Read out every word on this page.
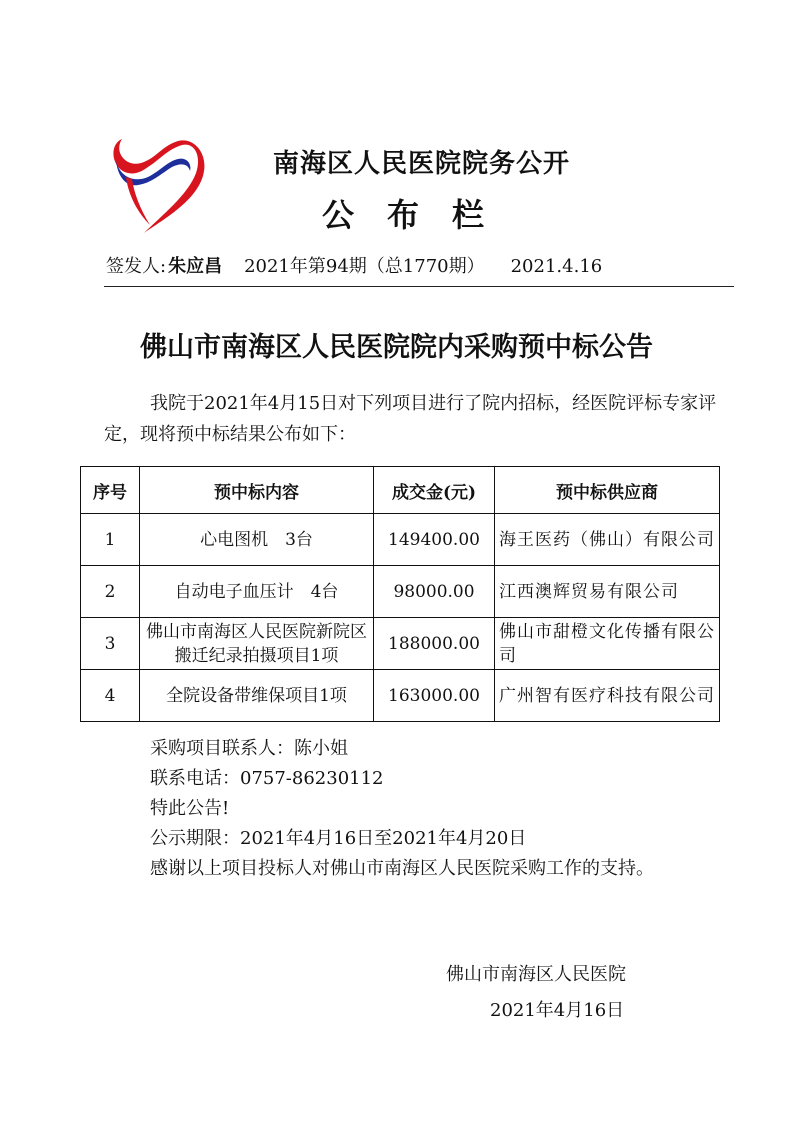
南海区人民医院院务公开
公布栏
签发人: 朱应昌 2021年第94期（总1770期） 2021.4.16
佛山市南海区人民医院院内采购预中标公告
我院于2021年4月15日对下列项目进行了院内招标，经医院评标专家评定，现将预中标结果公布如下：
序号	预中标内容	成交金(元)	预中标供应商
1	心电图机　3台	149400.00	海王医药（佛山）有限公司
2	自动电子血压计　4台	98000.00	江西澳辉贸易有限公司
3	佛山市南海区人民医院新院区搬迁纪录拍摄项目1项	188000.00	佛山市甜橙文化传播有限公司
4	全院设备带维保项目1项	163000.00	广州智有医疗科技有限公司

采购项目联系人：陈小姐

联系电话：0757-86230112

特此公告!

公示期限：2021年4月16日至2021年4月20日

感谢以上项目投标人对佛山市南海区人民医院采购工作的支持。

佛山市南海区人民医院
2021年4月16日
